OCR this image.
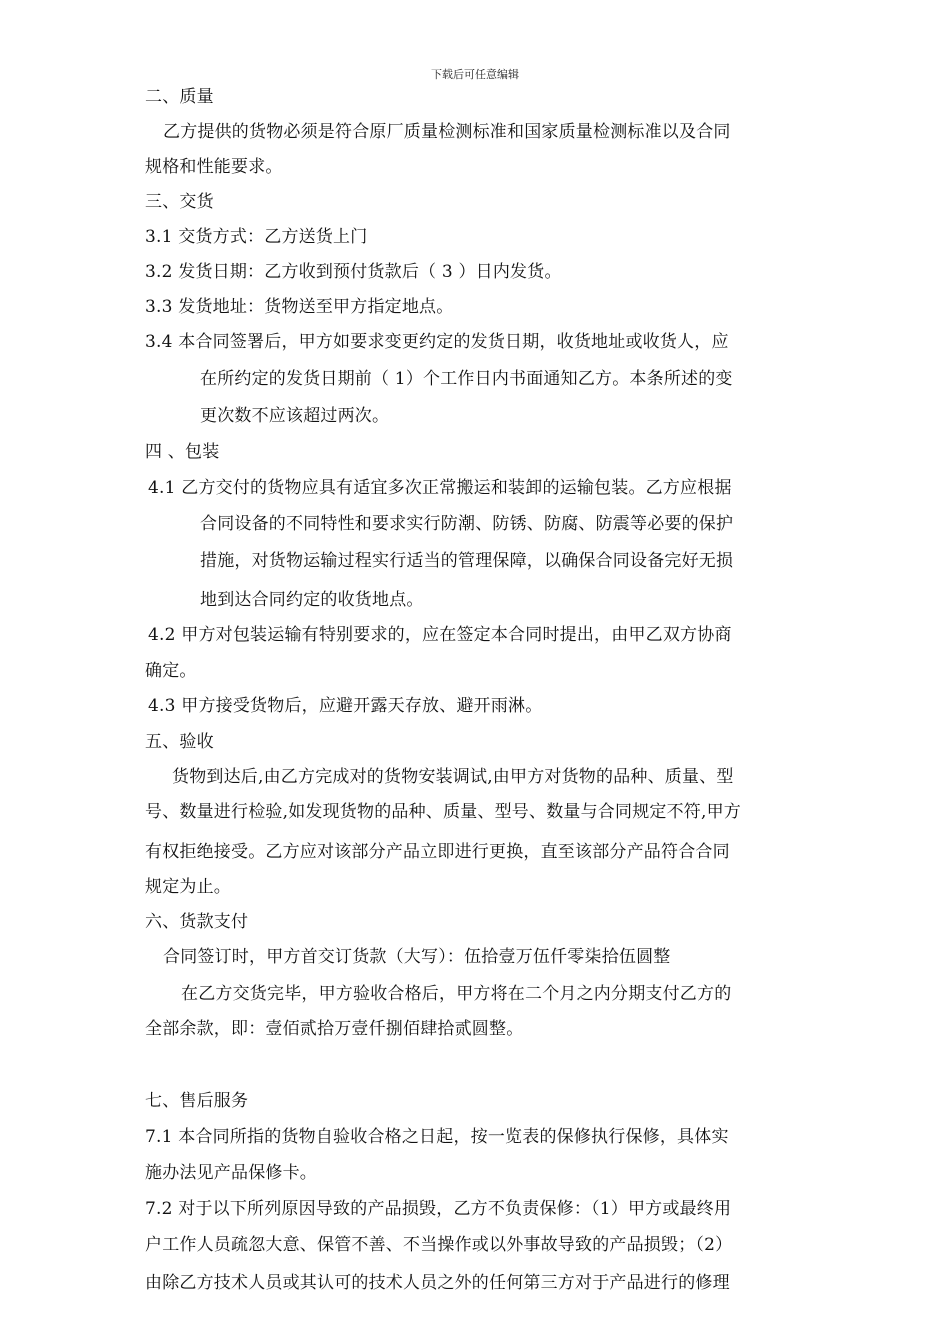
下载后可任意编辑
二、质量
乙方提供的货物必须是符合原厂质量检测标准和国家质量检测标准以及合同
规格和性能要求。
三、交货
3.1 交货方式：乙方送货上门
3.2 发货日期：乙方收到预付货款后（ 3 ）日内发货。
3.3 发货地址：货物送至甲方指定地点。
3.4 本合同签署后，甲方如要求变更约定的发货日期，收货地址或收货人，应
在所约定的发货日期前（ 1）个工作日内书面通知乙方。本条所述的变
更次数不应该超过两次。
四 、包装
4.1 乙方交付的货物应具有适宜多次正常搬运和装卸的运输包装。乙方应根据
合同设备的不同特性和要求实行防潮、防锈、防腐、防震等必要的保护
措施，对货物运输过程实行适当的管理保障，以确保合同设备完好无损
地到达合同约定的收货地点。
4.2 甲方对包装运输有特别要求的，应在签定本合同时提出，由甲乙双方协商
确定。
4.3 甲方接受货物后，应避开露天存放、避开雨淋。
五、验收
货物到达后,由乙方完成对的货物安装调试,由甲方对货物的品种、质量、型
号、数量进行检验,如发现货物的品种、质量、型号、数量与合同规定不符,甲方
有权拒绝接受。乙方应对该部分产品立即进行更换，直至该部分产品符合合同
规定为止。
六、货款支付
合同签订时，甲方首交订货款（大写）：伍拾壹万伍仟零柒拾伍圆整
在乙方交货完毕，甲方验收合格后，甲方将在二个月之内分期支付乙方的
全部余款，即：壹佰贰拾万壹仟捌佰肆拾贰圆整。
七、售后服务
7.1 本合同所指的货物自验收合格之日起，按一览表的保修执行保修，具体实
施办法见产品保修卡。
7.2 对于以下所列原因导致的产品损毁，乙方不负责保修：（1）甲方或最终用
户工作人员疏忽大意、保管不善、不当操作或以外事故导致的产品损毁；（2）
由除乙方技术人员或其认可的技术人员之外的任何第三方对于产品进行的修理
